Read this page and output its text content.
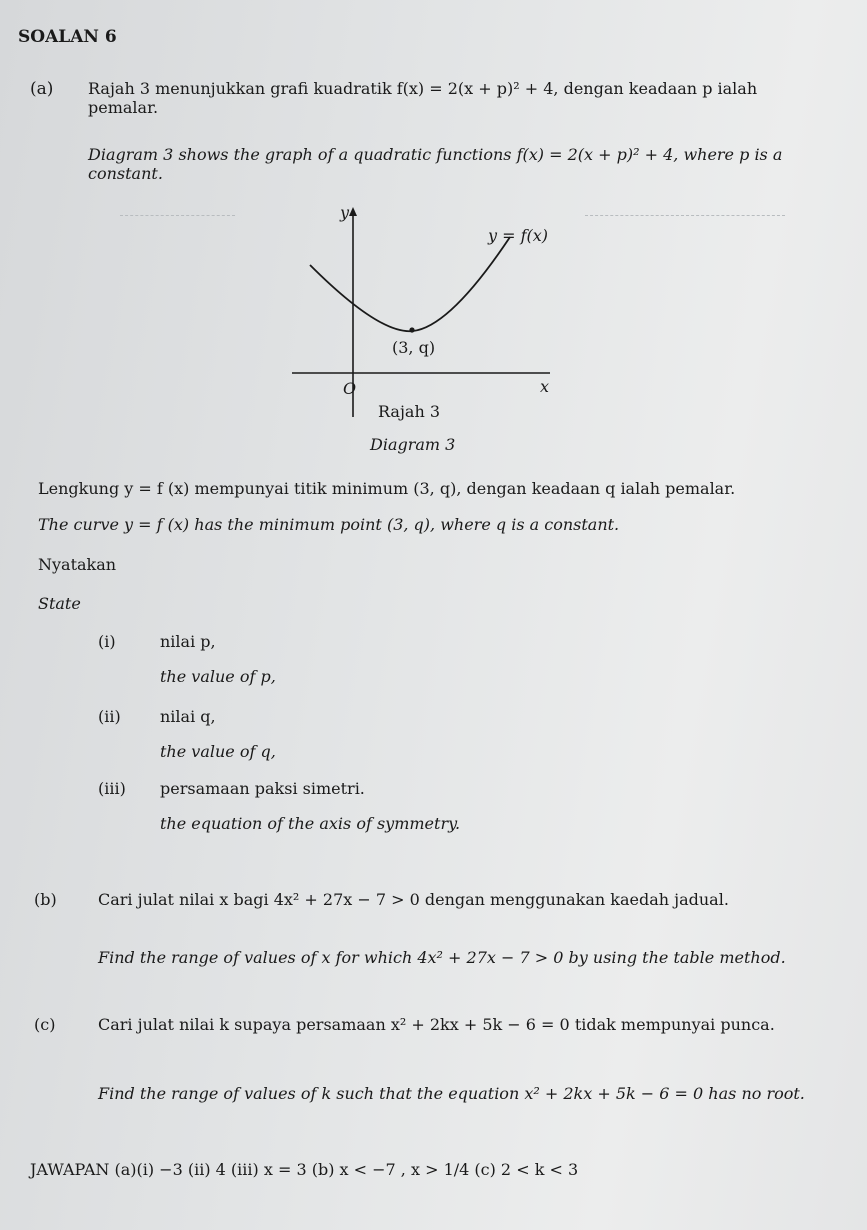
SOALAN 6
(a) Rajah 3 menunjukkan grafi kuadratik f(x) = 2(x + p)² + 4, dengan keadaan p ialah
pemalar.
Diagram 3 shows the graph of a quadratic functions f(x) = 2(x + p)² + 4, where p is a
constant.
y
y = f(x)
(3, q)
O	x
Rajah 3
Diagram 3
Lengkung y = f (x) mempunyai titik minimum (3, q), dengan keadaan q ialah pemalar.
The curve y = f (x) has the minimum point (3, q), where q is a constant.
Nyatakan
State
(i)	nilai p,
the value of p,
(ii) nilai q,
the value of q,
(iii) persamaan paksi simetri.
the equation of the axis of symmetry.
(b)	Cari julat nilai x bagi 4x² + 27x − 7 > 0 dengan menggunakan kaedah jadual.
Find the range of values of x for which 4x² + 27x − 7 > 0 by using the table method.
(c)	Cari julat nilai k supaya persamaan x² + 2kx + 5k − 6 = 0 tidak mempunyai punca.
Find the range of values of k such that the equation x² + 2kx + 5k − 6 = 0 has no root.
JAWAPAN (a)(i) −3 (ii) 4 (iii) x = 3 (b) x < −7 , x > 1/4 (c) 2 < k < 3
